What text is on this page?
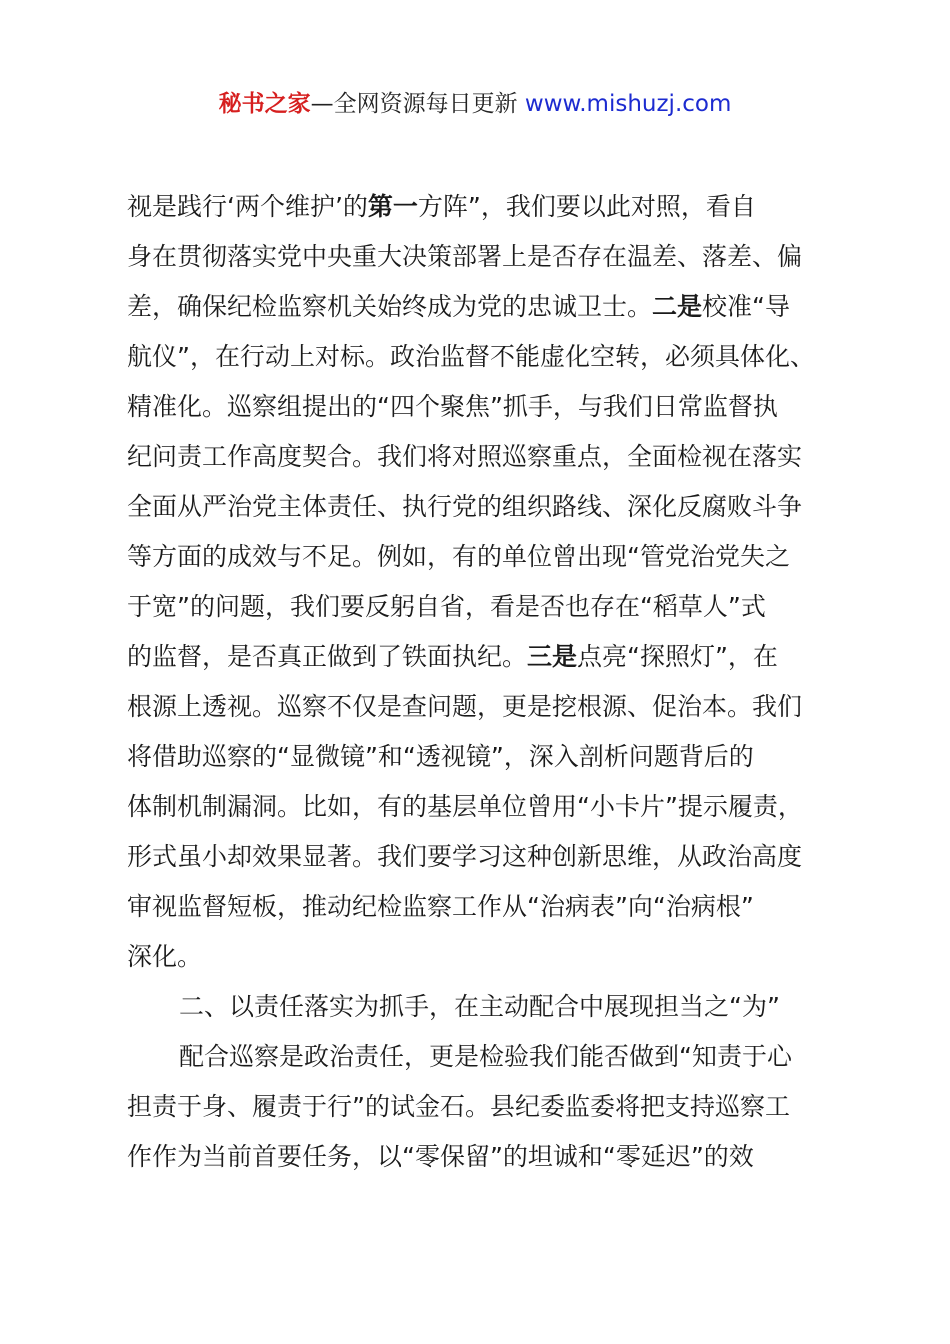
秘书之家—全网资源每日更新 www.mishuzj.com
视是践行‘两个维护’的第一方阵”，我们要以此对照，看自
身在贯彻落实党中央重大决策部署上是否存在温差、落差、偏
差，确保纪检监察机关始终成为党的忠诚卫士。二是校准“导
航仪”，在行动上对标。政治监督不能虚化空转，必须具体化、
精准化。巡察组提出的“四个聚焦”抓手，与我们日常监督执
纪问责工作高度契合。我们将对照巡察重点，全面检视在落实
全面从严治党主体责任、执行党的组织路线、深化反腐败斗争
等方面的成效与不足。例如，有的单位曾出现“管党治党失之
于宽”的问题，我们要反躬自省，看是否也存在“稻草人”式
的监督，是否真正做到了铁面执纪。三是点亮“探照灯”，在
根源上透视。巡察不仅是查问题，更是挖根源、促治本。我们
将借助巡察的“显微镜”和“透视镜”，深入剖析问题背后的
体制机制漏洞。比如，有的基层单位曾用“小卡片”提示履责，
形式虽小却效果显著。我们要学习这种创新思维，从政治高度
审视监督短板，推动纪检监察工作从“治病表”向“治病根”
深化。
二、以责任落实为抓手，在主动配合中展现担当之“为”
配合巡察是政治责任，更是检验我们能否做到“知责于心
担责于身、履责于行”的试金石。县纪委监委将把支持巡察工
作作为当前首要任务，以“零保留”的坦诚和“零延迟”的效
